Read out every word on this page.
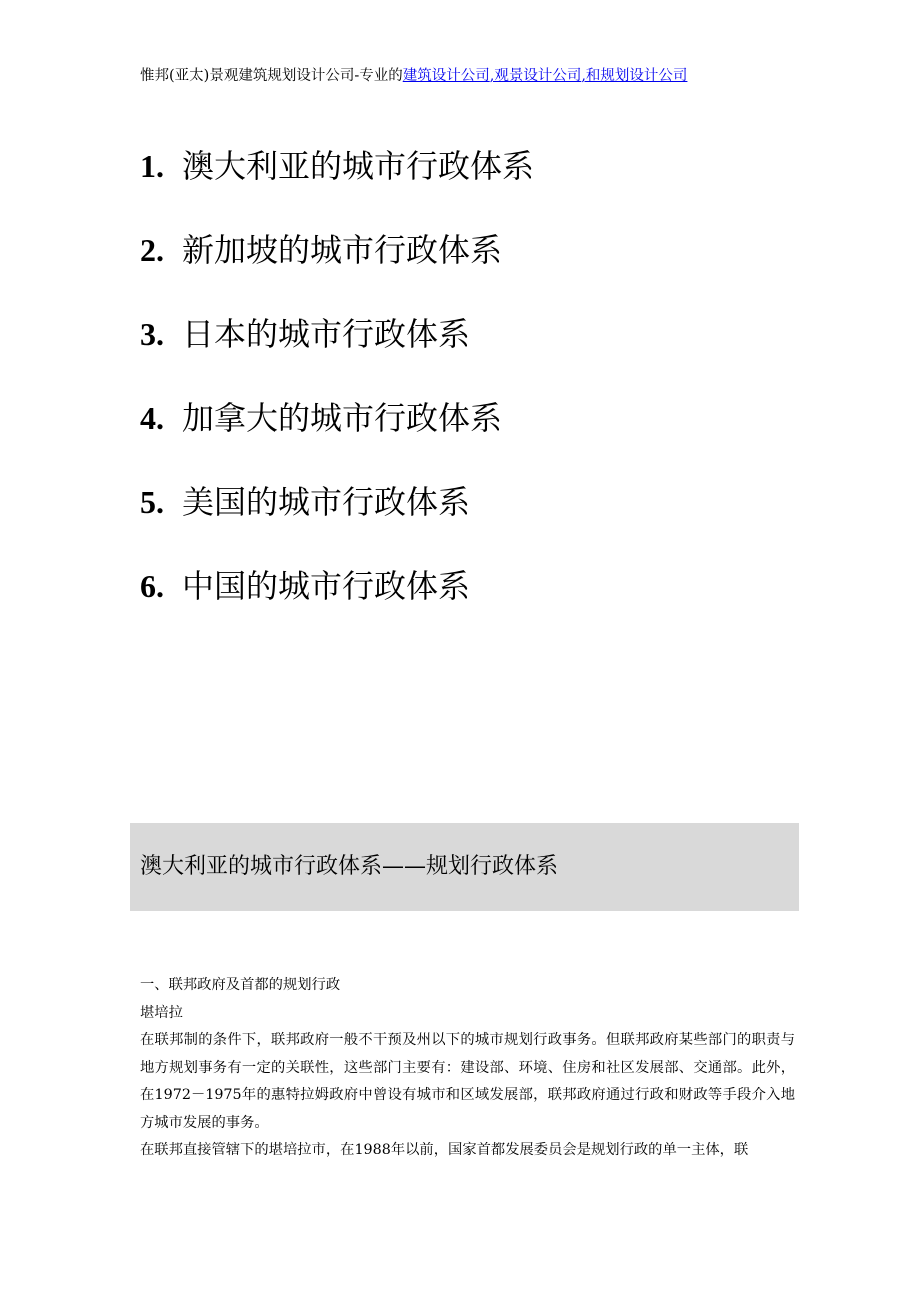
惟邦(亚太)景观建筑规划设计公司-专业的建筑设计公司,观景设计公司,和规划设计公司
1. 澳大利亚的城市行政体系
2. 新加坡的城市行政体系
3. 日本的城市行政体系
4. 加拿大的城市行政体系
5. 美国的城市行政体系
6. 中国的城市行政体系
澳大利亚的城市行政体系——规划行政体系

一、联邦政府及首都的规划行政

堪培拉

在联邦制的条件下，联邦政府一般不干预及州以下的城市规划行政事务。但联邦政府某些部门的职责与地方规划事务有一定的关联性，这些部门主要有：建设部、环境、住房和社区发展部、交通部。此外，在1972－1975年的惠特拉姆政府中曾设有城市和区域发展部，联邦政府通过行政和财政等手段介入地方城市发展的事务。

在联邦直接管辖下的堪培拉市，在1988年以前，国家首都发展委员会是规划行政的单一主体，联
